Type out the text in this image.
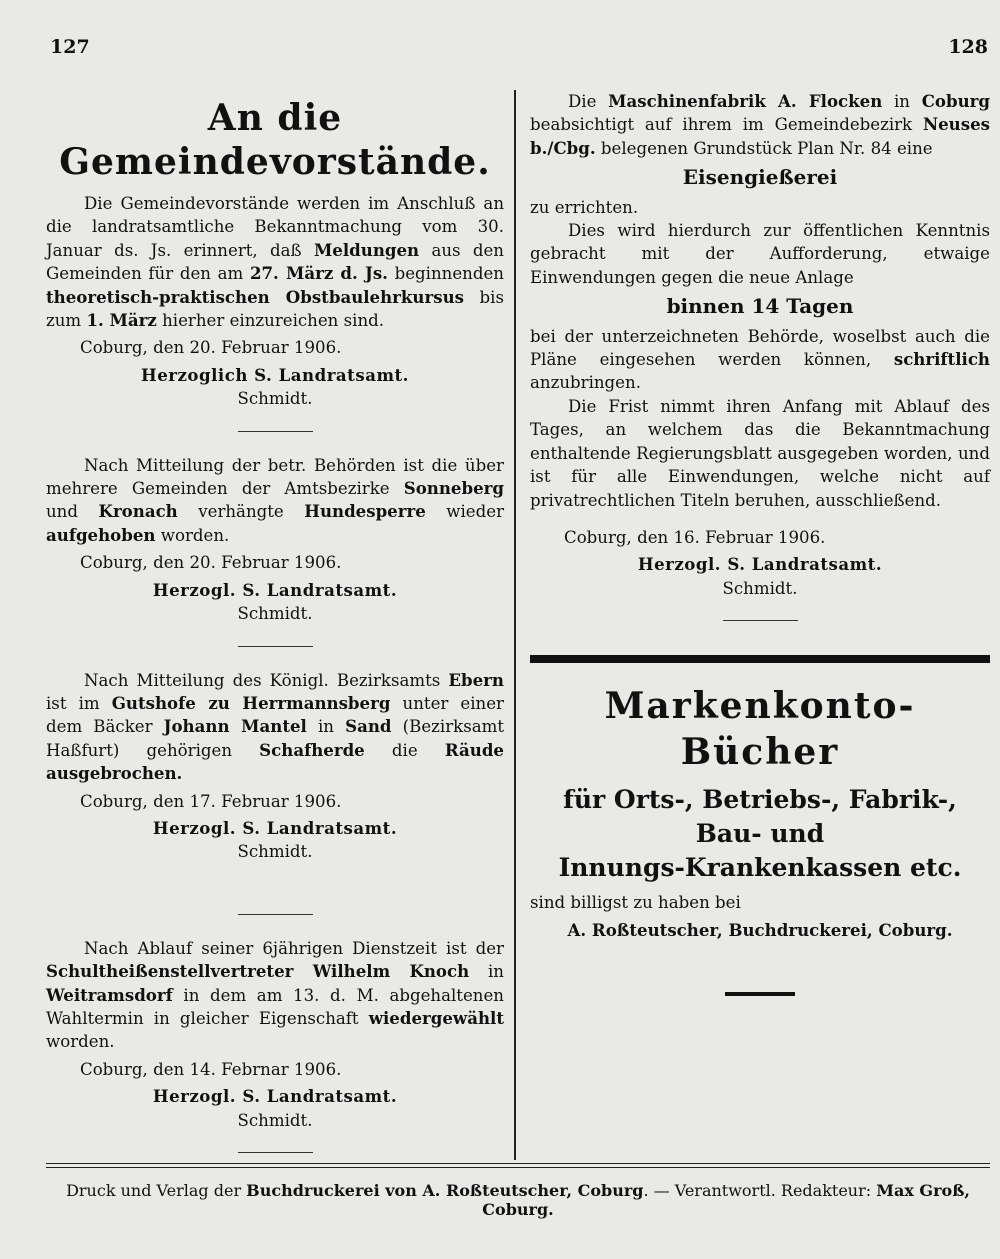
127	128
An die Gemeindevorstände.

Die Gemeindevorstände werden im Anschluß an die landratsamtliche Bekanntmachung vom 30. Januar ds. Js. erinnert, daß Meldungen aus den Gemeinden für den am 27. März d. Js. beginnenden theoretisch-praktischen Obstbaulehrkursus bis zum 1. März hierher einzureichen sind.

Coburg, den 20. Februar 1906.

Herzoglich S. Landratsamt.
Schmidt.

Nach Mitteilung der betr. Behörden ist die über mehrere Gemeinden der Amtsbezirke Sonneberg und Kronach verhängte Hundesperre wieder aufgehoben worden.

Coburg, den 20. Februar 1906.

Herzogl. S. Landratsamt.
Schmidt.

Nach Mitteilung des Königl. Bezirksamts Ebern ist im Gutshofe zu Herrmannsberg unter einer dem Bäcker Johann Mantel in Sand (Bezirksamt Haßfurt) gehörigen Schafherde die Räude ausgebrochen.

Coburg, den 17. Februar 1906.

Herzogl. S. Landratsamt.
Schmidt.

Nach Ablauf seiner 6jährigen Dienstzeit ist der Schultheißenstellvertreter Wilhelm Knoch in Weitramsdorf in dem am 13. d. M. abgehaltenen Wahltermin in gleicher Eigenschaft wiedergewählt worden.

Coburg, den 14. Febrnar 1906.

Herzogl. S. Landratsamt.
Schmidt.

Die Maschinenfabrik A. Flocken in Coburg beabsichtigt auf ihrem im Gemeindebezirk Neuses b./Cbg. belegenen Grundstück Plan Nr. 84 eine

Eisengießerei

zu errichten.

Dies wird hierdurch zur öffentlichen Kenntnis gebracht mit der Aufforderung, etwaige Einwendungen gegen die neue Anlage

binnen 14 Tagen

bei der unterzeichneten Behörde, woselbst auch die Pläne eingesehen werden können, schriftlich anzubringen.

Die Frist nimmt ihren Anfang mit Ablauf des Tages, an welchem das die Bekanntmachung enthaltende Regierungsblatt ausgegeben worden, und ist für alle Einwendungen, welche nicht auf privatrechtlichen Titeln beruhen, ausschließend.

Coburg, den 16. Februar 1906.

Herzogl. S. Landratsamt.
Schmidt.
Markenkonto-Bücher
für Orts-, Betriebs-, Fabrik-, Bau- und
Innungs-Krankenkassen etc.

sind billigst zu haben bei

A. Roßteutscher, Buchdruckerei, Coburg.
Druck und Verlag der Buchdruckerei von A. Roßteutscher, Coburg. — Verantwortl. Redakteur: Max Groß, Coburg.
